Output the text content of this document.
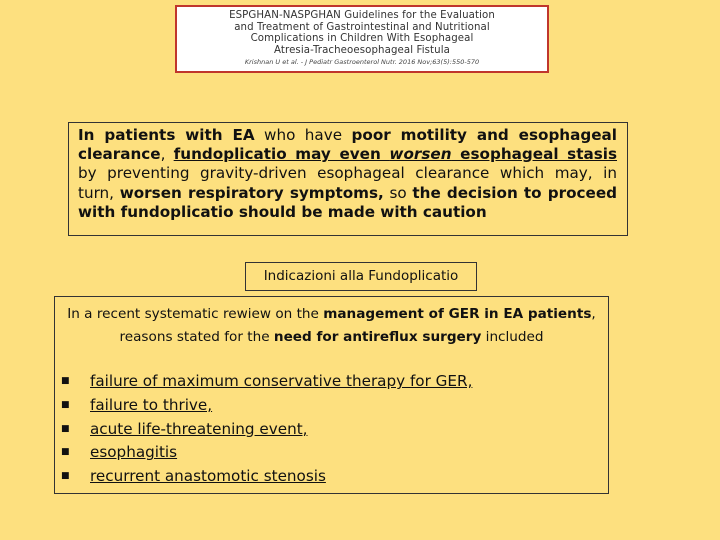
ESPGHAN-NASPGHAN Guidelines for the Evaluation
and Treatment of Gastrointestinal and Nutritional
Complications in Children With Esophageal
Atresia-Tracheoesophageal Fistula
Krishnan U et al. - J Pediatr Gastroenterol Nutr. 2016 Nov;63(5):550-570

In patients with EA who have poor motility and esophageal clearance, fundoplicatio may even worsen esophageal stasis by preventing gravity-driven esophageal clearance which may, in turn, worsen respiratory symptoms, so the decision to proceed with fundoplicatio should be made with caution

Indicazioni alla Fundoplicatio

In a recent systematic rewiew on the management of GER in EA patients, reasons stated for the need for antireflux surgery included

■	failure of maximum conservative therapy for GER,
■	failure to thrive,
■	acute life-threatening event,
■	esophagitis
■	recurrent anastomotic stenosis
